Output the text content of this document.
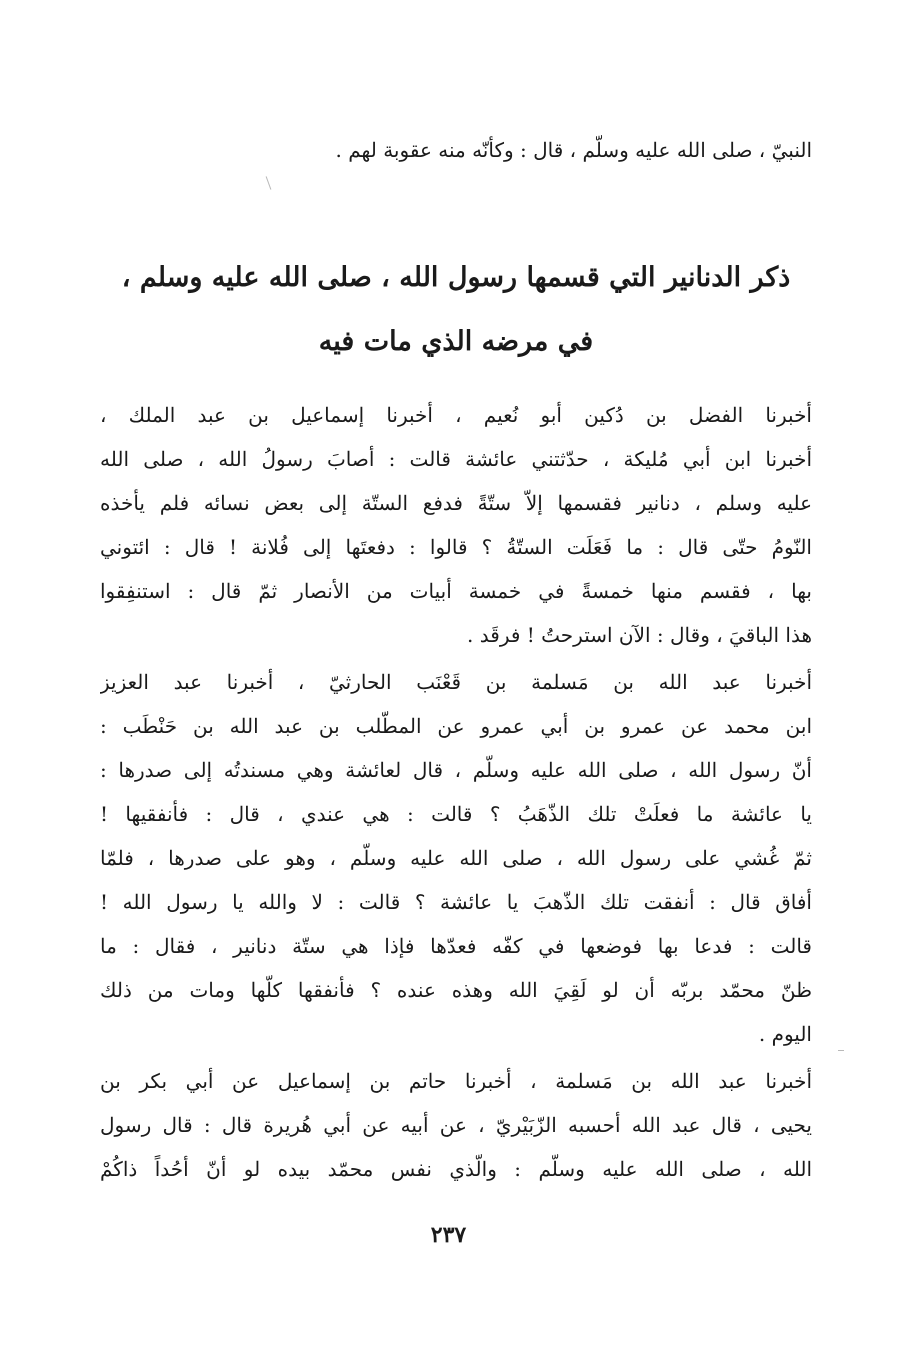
النبيّ ، صلى الله عليه وسلّم ، قال : وكأنّه منه عقوبة لهم .
ذكر الدنانير التي قسمها رسول الله ، صلى الله عليه وسلم ،
في مرضه الذي مات فيه
أخبرنا الفضل بن دُكين أبو نُعيم ، أخبرنا إسماعيل بن عبد الملك ،
أخبرنا ابن أبي مُليكة ، حدّثتني عائشة قالت : أصابَ رسولُ الله ، صلى الله
عليه وسلم ، دنانير فقسمها إلاّ ستّةً فدفع الستّة إلى بعض نسائه فلم يأخذه
النّومُ حتّى قال : ما فَعَلَت الستّةُ ؟ قالوا : دفعتَها إلى فُلانة ! قال : ائتوني
بها ، فقسم منها خمسةً في خمسة أبيات من الأنصار ثمّ قال : استنفِقوا
هذا الباقيَ ، وقال : الآن استرحتُ ! فرقَد .
أخبرنا عبد الله بن مَسلمة بن قَعْنَب الحارثيّ ، أخبرنا عبد العزيز
ابن محمد عن عمرو بن أبي عمرو عن المطّلب بن عبد الله بن حَنْطَب :
أنّ رسول الله ، صلى الله عليه وسلّم ، قال لعائشة وهي مسندتُه إلى صدرها :
يا عائشة ما فعلَتْ تلك الذّهَبُ ؟ قالت : هي عندي ، قال : فأنفقيها !
ثمّ غُشي على رسول الله ، صلى الله عليه وسلّم ، وهو على صدرها ، فلمّا
أفاق قال : أنفقت تلك الذّهبَ يا عائشة ؟ قالت : لا والله يا رسول الله !
قالت : فدعا بها فوضعها في كفّه فعدّها فإذا هي ستّة دنانير ، فقال : ما
ظنّ محمّد بربّه أن لو لَقِيَ الله وهذه عنده ؟ فأنفقها كلّها ومات من ذلك
اليوم .
أخبرنا عبد الله بن مَسلمة ، أخبرنا حاتم بن إسماعيل عن أبي بكر بن
يحيى ، قال عبد الله أحسبه الزّبَيْريّ ، عن أبيه عن أبي هُريرة قال : قال رسول
الله ، صلى الله عليه وسلّم : والّذي نفس محمّد بيده لو أنّ أحُداً ذاكُمْ
٢٣٧
